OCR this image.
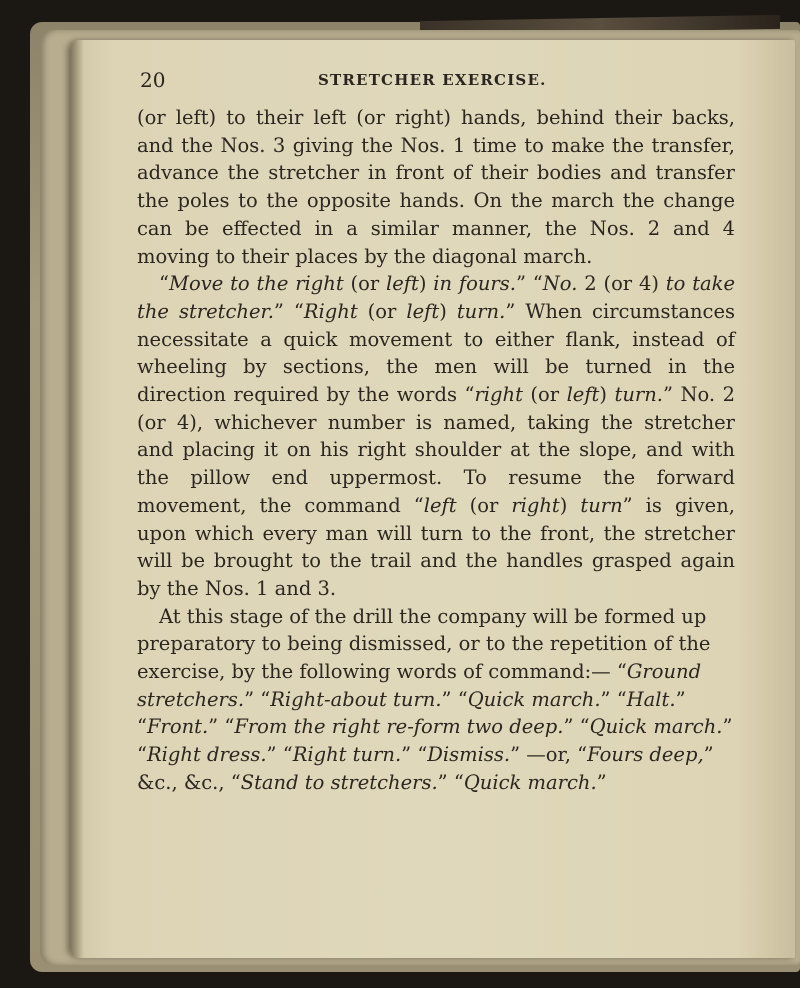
20	STRETCHER EXERCISE.

(or left) to their left (or right) hands, behind their backs, and the Nos. 3 giving the Nos. 1 time to make the transfer, advance the stretcher in front of their bodies and transfer the poles to the opposite hands. On the march the change can be effected in a similar manner, the Nos. 2 and 4 moving to their places by the diagonal march.

“Move to the right (or left) in fours.” “No. 2 (or 4) to take the stretcher.” “Right (or left) turn.” When circumstances necessitate a quick movement to either flank, instead of wheeling by sections, the men will be turned in the direction required by the words “right (or left) turn.” No. 2 (or 4), whichever number is named, taking the stretcher and placing it on his right shoulder at the slope, and with the pillow end uppermost. To resume the forward movement, the command “left (or right) turn” is given, upon which every man will turn to the front, the stretcher will be brought to the trail and the handles grasped again by the Nos. 1 and 3.

At this stage of the drill the company will be formed up preparatory to being dismissed, or to the repetition of the exercise, by the following words of command:— “Ground stretchers.” “Right-about turn.” “Quick march.” “Halt.” “Front.” “From the right re-form two deep.” “Quick march.” “Right dress.” “Right turn.” “Dismiss.” —or, “Fours deep,” &c., &c., “Stand to stretchers.” “Quick march.”
